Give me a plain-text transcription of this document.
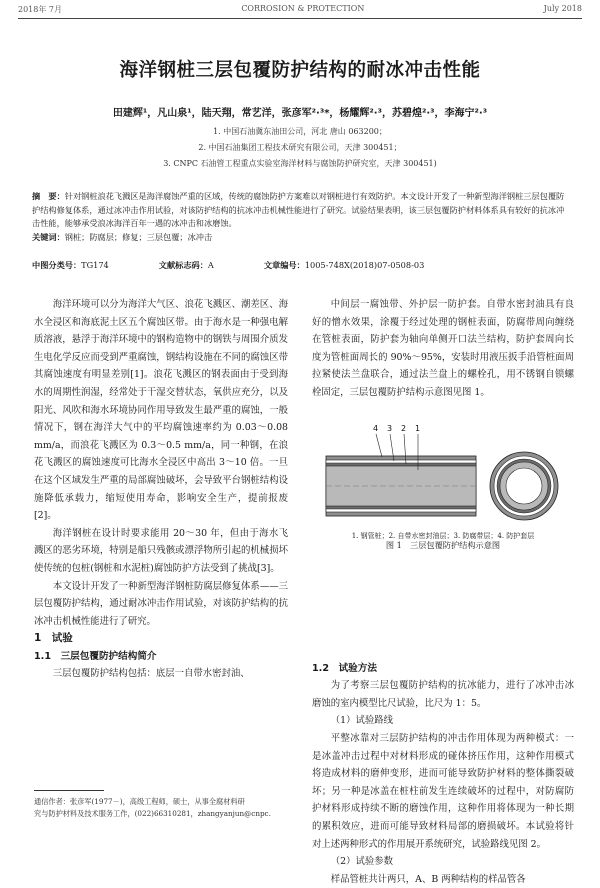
2018年 7月	CORROSION & PROTECTION	July 2018
海洋钢桩三层包覆防护结构的耐冰冲击性能
田建辉¹，凡山泉¹，陆天翔，常艺洋，张彦军²·³*，杨耀辉²·³，苏碧煌²·³，李海宁²·³
1. 中国石油冀东油田公司，河北 唐山 063200；
2. 中国石油集团工程技术研究有限公司，天津 300451；
3. CNPC 石油管工程重点实验室海洋材料与腐蚀防护研究室，天津 300451)
摘　要：针对钢桩浪花飞溅区是海洋腐蚀严重的区域，传统的腐蚀防护方案难以对钢桩进行有效防护。本文设计开发了一种新型海洋钢桩三层包覆防护结构修复体系，通过冰冲击作用试验，对该防护结构的抗冰冲击机械性能进行了研究。试验结果表明，该三层包覆防护材料体系具有较好的抗冰冲击性能，能够承受浪冰海洋百年一遇的冰冲击和冰磨蚀。
关键词：钢桩；防腐层；修复；三层包覆；冰冲击
中图分类号：TG174	文献标志码：A	文章编号：1005-748X(2018)07-0508-03

海洋环境可以分为海洋大气区、浪花飞溅区、潮差区、海水全浸区和海底泥土区五个腐蚀区带。由于海水是一种强电解质溶液，悬浮于海洋环境中的钢构造物中的钢铁与周围介质发生电化学反应而受到严重腐蚀，钢结构设施在不同的腐蚀区带其腐蚀速度有明显差别[1]。浪花飞溅区的钢表面由于受到海水的周期性润湿，经常处于干湿交替状态，氧供应充分，以及阳光、风吹和海水环境协同作用导致发生最严重的腐蚀，一般情况下，钢在海洋大气中的平均腐蚀速率约为 0.03～0.08 mm/a，而浪花飞溅区为 0.3～0.5 mm/a，同一种钢，在浪花飞溅区的腐蚀速度可比海水全浸区中高出 3～10 倍。一旦在这个区域发生严重的局部腐蚀破坏，会导致平台钢桩结构设施降低承载力，缩短使用寿命，影响安全生产，提前报废[2]。

海洋钢桩在设计时要求能用 20～30 年，但由于海水飞溅区的恶劣环境，特别是船只残骸或漂浮物所引起的机械损坏使传统的包桩(钢桩和水泥桩)腐蚀防护方法受到了挑战[3]。

本文设计开发了一种新型海洋钢桩防腐层修复体系——三层包覆防护结构，通过耐冰冲击作用试验，对该防护结构的抗冰冲击机械性能进行了研究。

1　试验

1.1　三层包覆防护结构简介

三层包覆防护结构包括：底层一自带水密封油、

中间层一腐蚀带、外护层一防护套。自带水密封油具有良好的憎水效果，涂覆于经过处理的钢桩表面，防腐带周向缠绕在管桩表面，防护套为轴向单侧开口法兰结构，防护套周向长度为管桩面周长的 90%～95%，安装时用液压扳手沿管桩面周拉紧使法兰盘联合，通过法兰盘上的螺栓孔，用不锈钢自锁螺栓固定，三层包覆防护结构示意图见图 1。

1.2　试验方法

为了考察三层包覆防护结构的抗冰能力，进行了冰冲击冰磨蚀的室内模型比尺试验，比尺为 1：5。

（1）试验路线

平整冰靠对三层防护结构的冲击作用体现为两种模式：一是冰盖冲击过程中对材料形成的碰体挤压作用，这种作用模式将造成材料的磨伸变形，进而可能导致防护材料的整体撕裂破坏；另一种是冰盖在桩柱前发生连续破坏的过程中，对防腐防护材料形成持续不断的磨蚀作用，这种作用将体现为一种长期的累积效应，进而可能导致材料局部的磨损破坏。本试验将针对上述两种形式的作用展开系统研究，试验路线见图 2。

（2）试验参数

样品管桩共计两只，A、B 两种结构的样品管各

4 3 2 1
1. 钢管桩；2. 自带水密封油层；3. 防腐带层；4. 防护套层
图 1　三层包覆防护结构示意图
通信作者：张彦军(1977－)，高级工程师，硕士，从事全腐材料研
究与防护材料及技术服务工作，(022)66310281，zhangyanjun@cnpc.
